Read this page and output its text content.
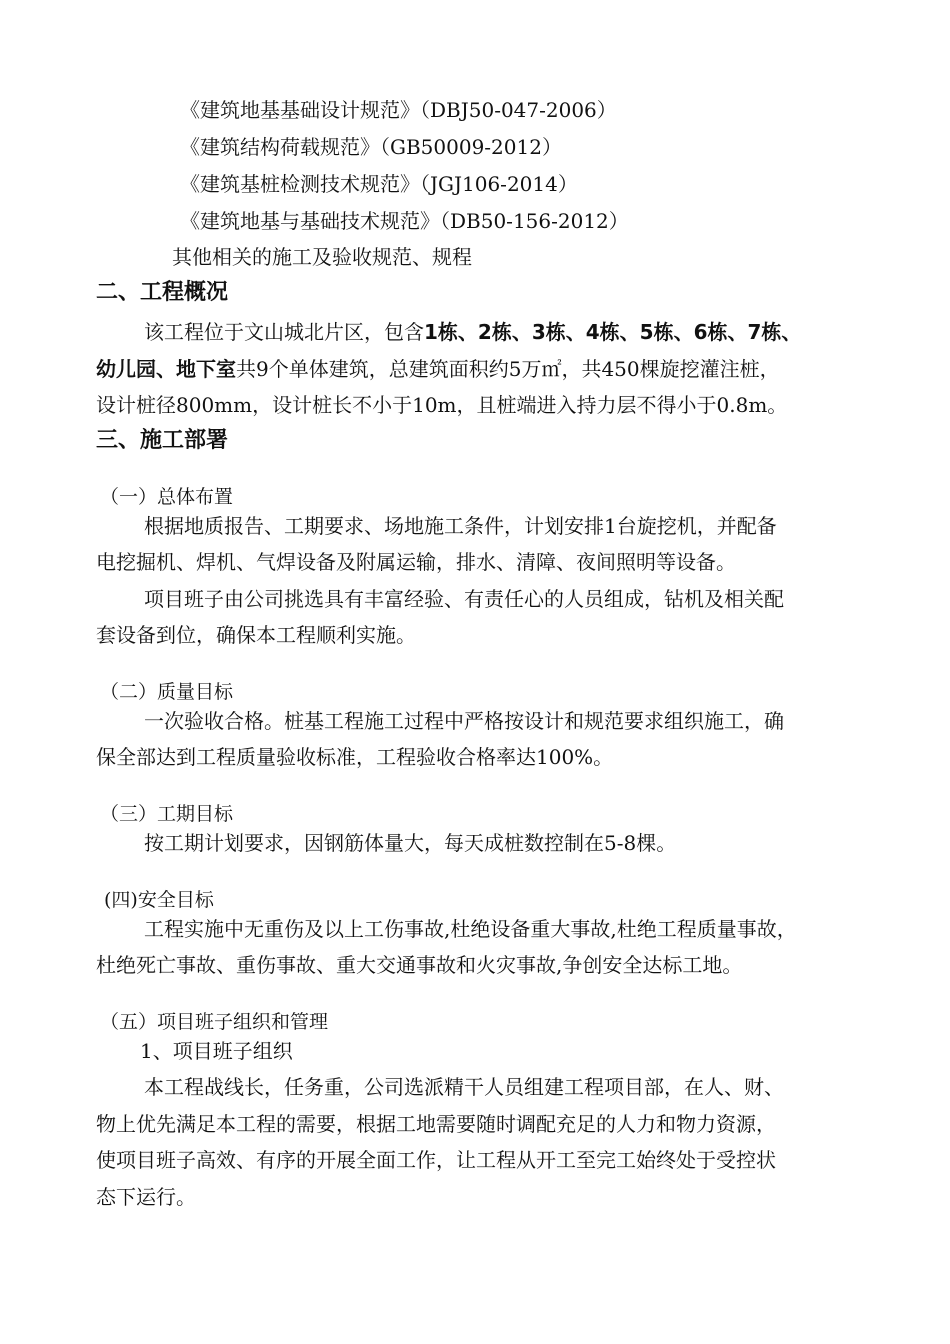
《建筑地基基础设计规范》（DBJ50-047-2006）
《建筑结构荷载规范》（GB50009-2012）
《建筑基桩检测技术规范》（JGJ106-2014）
《建筑地基与基础技术规范》（DB50-156-2012）
其他相关的施工及验收规范、规程
二、工程概况
该工程位于文山城北片区，包含1栋、2栋、3栋、4栋、5栋、6栋、7栋、
幼儿园、地下室共9个单体建筑，总建筑面积约5万㎡，共450棵旋挖灌注桩，
设计桩径800mm，设计桩长不小于10m，且桩端进入持力层不得小于0.8m。
三、施工部署
（一）总体布置
根据地质报告、工期要求、场地施工条件，计划安排1台旋挖机，并配备
电挖掘机、焊机、气焊设备及附属运输，排水、清障、夜间照明等设备。
项目班子由公司挑选具有丰富经验、有责任心的人员组成，钻机及相关配
套设备到位，确保本工程顺利实施。
（二）质量目标
一次验收合格。桩基工程施工过程中严格按设计和规范要求组织施工，确
保全部达到工程质量验收标准，工程验收合格率达100%。
（三）工期目标
按工期计划要求，因钢筋体量大，每天成桩数控制在5-8棵。
(四)安全目标
工程实施中无重伤及以上工伤事故,杜绝设备重大事故,杜绝工程质量事故，
杜绝死亡事故、重伤事故、重大交通事故和火灾事故,争创安全达标工地。
（五）项目班子组织和管理
1、项目班子组织
本工程战线长，任务重，公司选派精干人员组建工程项目部，在人、财、
物上优先满足本工程的需要，根据工地需要随时调配充足的人力和物力资源，
使项目班子高效、有序的开展全面工作，让工程从开工至完工始终处于受控状
态下运行。
